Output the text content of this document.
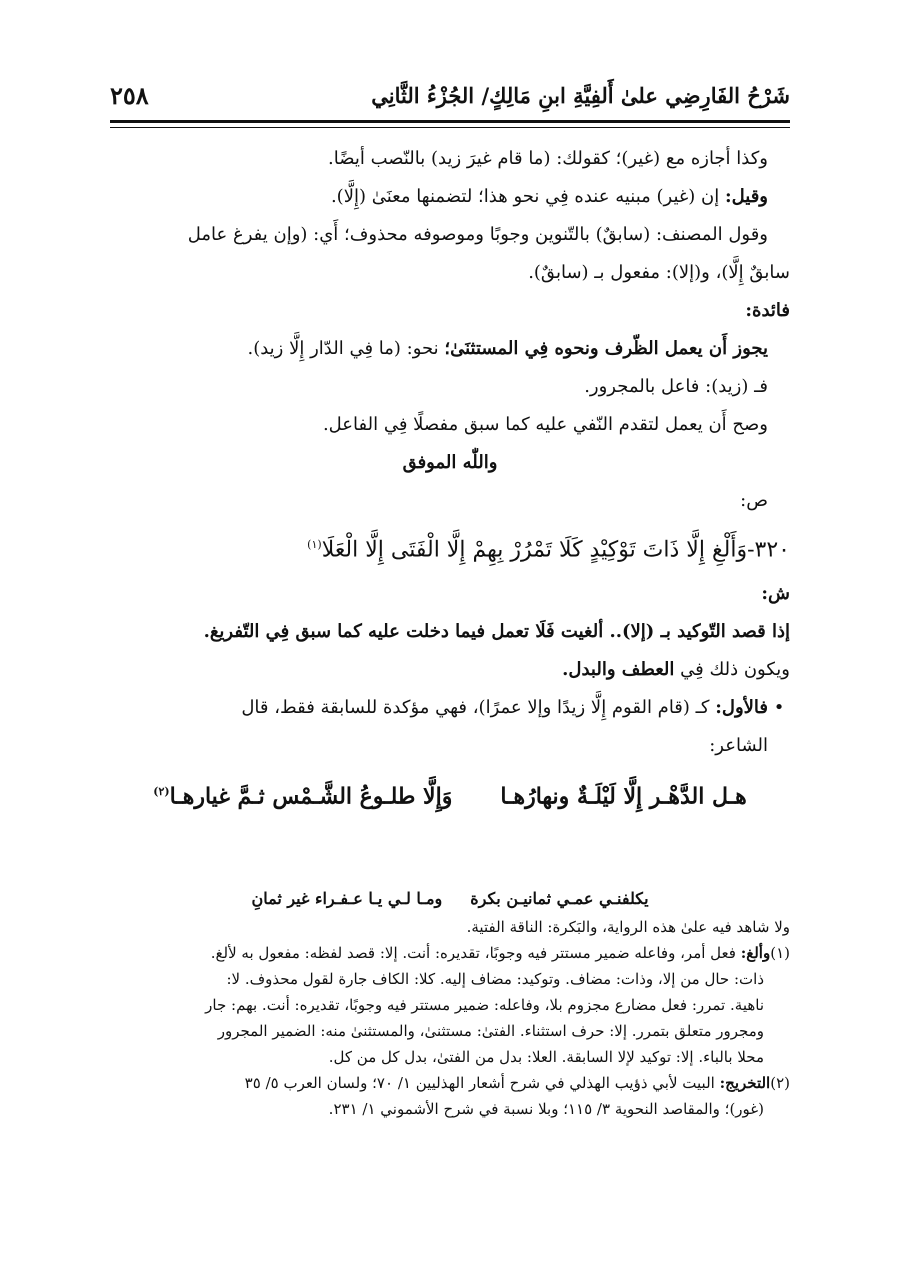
شَرْحُ الفَارِضِي علىٰ أَلفِيَّةِ ابنِ مَالِكٍ/ الجُزْءُ الثَّانِي
٢٥٨
وكذا أجازه مع (غير)؛ كقولك: (ما قام غيرَ زيد) بالنّصب أيضًا.
وقيل: إن (غير) مبنيه عنده فِي نحو هذا؛ لتضمنها معنَىٰ (إِلَّا).
وقول المصنف: (سابقٌ) بالتّنوين وجوبًا وموصوفه محذوف؛ أَي: (وإن يفرغ عامل
سابقٌ إِلَّا)، و(إلا): مفعول بـ (سابقٌ).
فائدة:
يجوز أَن يعمل الظّرف ونحوه فِي المستثنَىٰ؛ نحو: (ما فِي الدّار إِلَّا زيد).
فـ (زيد): فاعل بالمجرور.
وصح أَن يعمل لتقدم النّفي عليه كما سبق مفصلًا فِي الفاعل.
واللّٰه الموفق
ص:
٣٢٠-وَأَلْغِ إِلَّا ذَاتَ تَوْكِيْدٍ كَلَا تَمْرُرْ بِهِمْ إِلَّا الْفَتَى إِلَّا الْعَلَا$^{(١)}$
ش:
إذا قصد التّوكيد بـ (إلا).. ألغيت فَلَا تعمل فيما دخلت عليه كما سبق فِي التّفريغ.
ويكون ذلك فِي العطف والبدل.
•
فالأول: كـ (قام القوم إِلَّا زيدًا وإلا عمرًا)، فهي مؤكدة للسابقة فقط، قال
الشاعر:
هـل الدَّهْـر إِلَّا لَيْلَـةٌ ونهارُهـاوَإِلَّا طلـوعُ الشَّـمْس ثـمَّ غيارهـا$^{(٢)}$
يكلفنـي عمـي ثمانيـن بكرةومـا لـي يـا عـفـراء غير ثمانِ
ولا شاهد فيه علىٰ هذه الرواية، والبَكرة: الناقة الفتية.
(١)وألغ: فعل أمر، وفاعله ضمير مستتر فيه وجوبًا، تقديره: أنت. إلا: قصد لفظه: مفعول به لألغ.
ذات: حال من إلا، وذات: مضاف. وتوكيد: مضاف إليه. كلا: الكاف جارة لقول محذوف. لا:
ناهية. تمرر: فعل مضارع مجزوم بلا، وفاعله: ضمير مستتر فيه وجوبًا، تقديره: أنت. بهم: جار
ومجرور متعلق بتمرر. إلا: حرف استثناء. الفتىٰ: مستثنىٰ، والمستثنىٰ منه: الضمير المجرور
محلا بالباء. إلا: توكيد لإلا السابقة. العلا: بدل من الفتىٰ، بدل كل من كل.
(٢)التخريج: البيت لأبي ذؤيب الهذلي في شرح أشعار الهذليين ١/ ٧٠؛ ولسان العرب ٥/ ٣٥
(غور)؛ والمقاصد النحوية ٣/ ١١٥؛ وبلا نسبة في شرح الأشموني ١/ ٢٣١.
